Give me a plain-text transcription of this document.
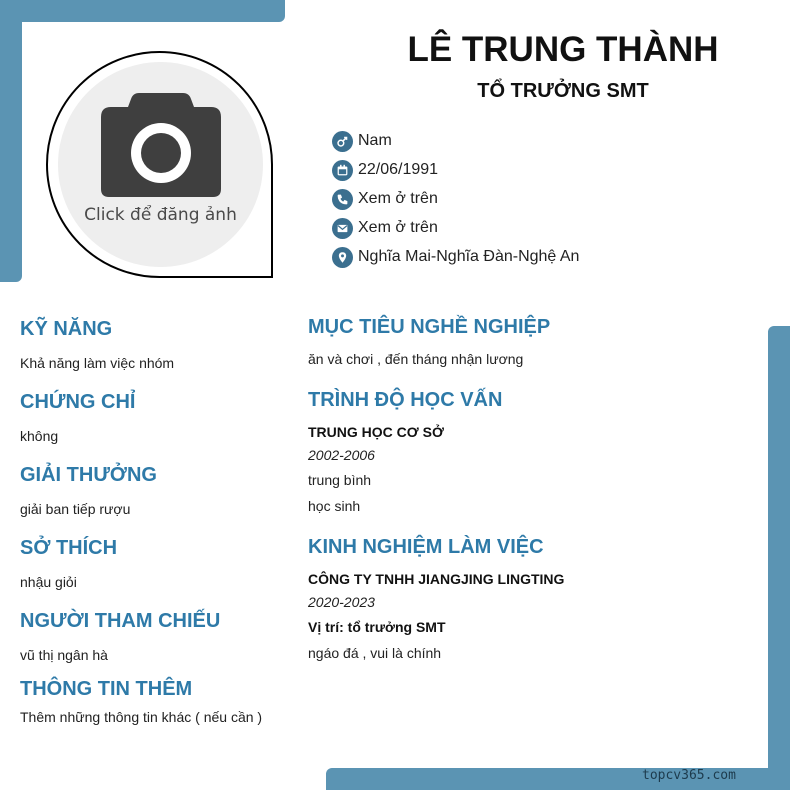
topcv365.com
Click để đăng ảnh
LÊ TRUNG THÀNH
TỔ TRƯỞNG SMT
Nam
22/06/1991
Xem ở trên
Xem ở trên
Nghĩa Mai-Nghĩa Đàn-Nghệ An
KỸ NĂNG
Khả năng làm việc nhóm
CHỨNG CHỈ
không
GIẢI THƯỞNG
giải ban tiếp rượu
SỞ THÍCH
nhậu giỏi
NGƯỜI THAM CHIẾU
vũ thị ngân hà
THÔNG TIN THÊM
Thêm những thông tin khác ( nếu cần )
MỤC TIÊU NGHỀ NGHIỆP
ăn và chơi , đến tháng nhận lương
TRÌNH ĐỘ HỌC VẤN
TRUNG HỌC CƠ SỞ
2002-2006
trung bình
học sinh
KINH NGHIỆM LÀM VIỆC
CÔNG TY TNHH JIANGJING LINGTING
2020-2023
Vị trí: tổ trưởng SMT
ngáo đá , vui là chính
